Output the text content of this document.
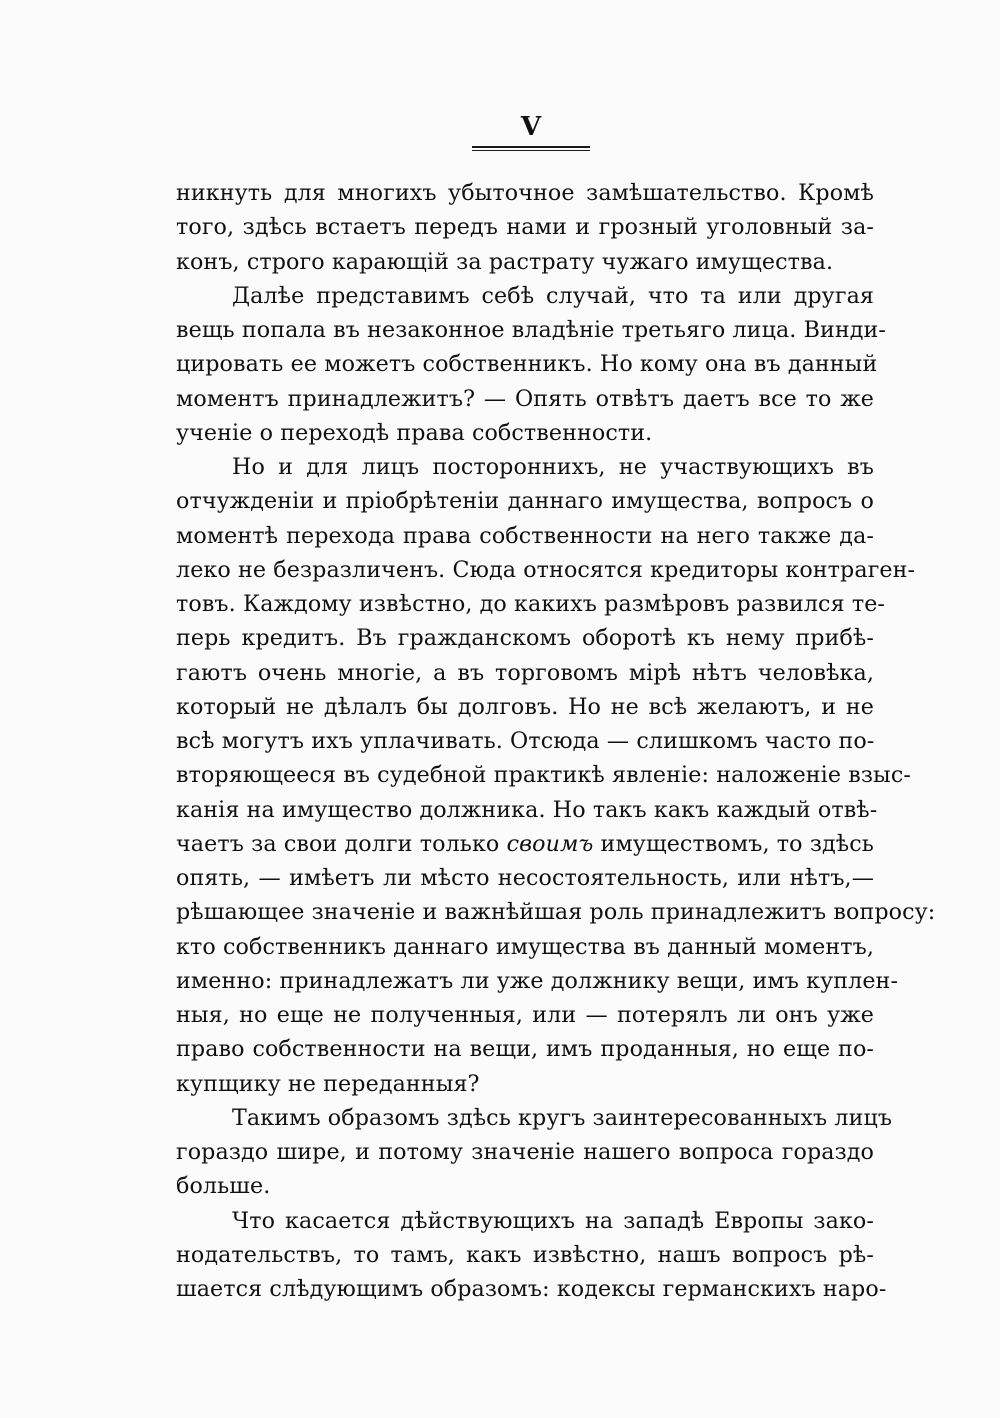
V
никнуть для многихъ убыточное замѣшательство. Кромѣ
того, здѣсь встаетъ передъ нами и грозный уголовный за-
конъ, строго карающій за растрату чужаго имущества.
Далѣе представимъ себѣ случай, что та или другая
вещь попала въ незаконное владѣніе третьяго лица. Винди-
цировать ее можетъ собственникъ. Но кому она въ данный
моментъ принадлежитъ? — Опять отвѣтъ даетъ все то же
ученіе о переходѣ права собственности.
Но и для лицъ постороннихъ, не участвующихъ въ
отчужденіи и пріобрѣтеніи даннаго имущества, вопросъ о
моментѣ перехода права собственности на него также да-
леко не безразличенъ. Сюда относятся кредиторы контраген-
товъ. Каждому извѣстно, до какихъ размѣровъ развился те-
перь кредитъ. Въ гражданскомъ оборотѣ къ нему прибѣ-
гаютъ очень многіе, а въ торговомъ мірѣ нѣтъ человѣка,
который не дѣлалъ бы долговъ. Но не всѣ желаютъ, и не
всѣ могутъ ихъ уплачивать. Отсюда — слишкомъ часто по-
вторяющееся въ судебной практикѣ явленіе: наложеніе взыс-
канія на имущество должника. Но такъ какъ каждый отвѣ-
чаетъ за свои долги только своимъ имуществомъ, то здѣсь
опять, — имѣетъ ли мѣсто несостоятельность, или нѣтъ,—
рѣшающее значеніе и важнѣйшая роль принадлежитъ вопросу:
кто собственникъ даннаго имущества въ данный моментъ,
именно: принадлежатъ ли уже должнику вещи, имъ куплен-
ныя, но еще не полученныя, или — потерялъ ли онъ уже
право собственности на вещи, имъ проданныя, но еще по-
купщику не переданныя?
Такимъ образомъ здѣсь кругъ заинтересованныхъ лицъ
гораздо шире, и потому значеніе нашего вопроса гораздо
больше.
Что касается дѣйствующихъ на западѣ Европы зако-
нодательствъ, то тамъ, какъ извѣстно, нашъ вопросъ рѣ-
шается слѣдующимъ образомъ: кодексы германскихъ наро-
